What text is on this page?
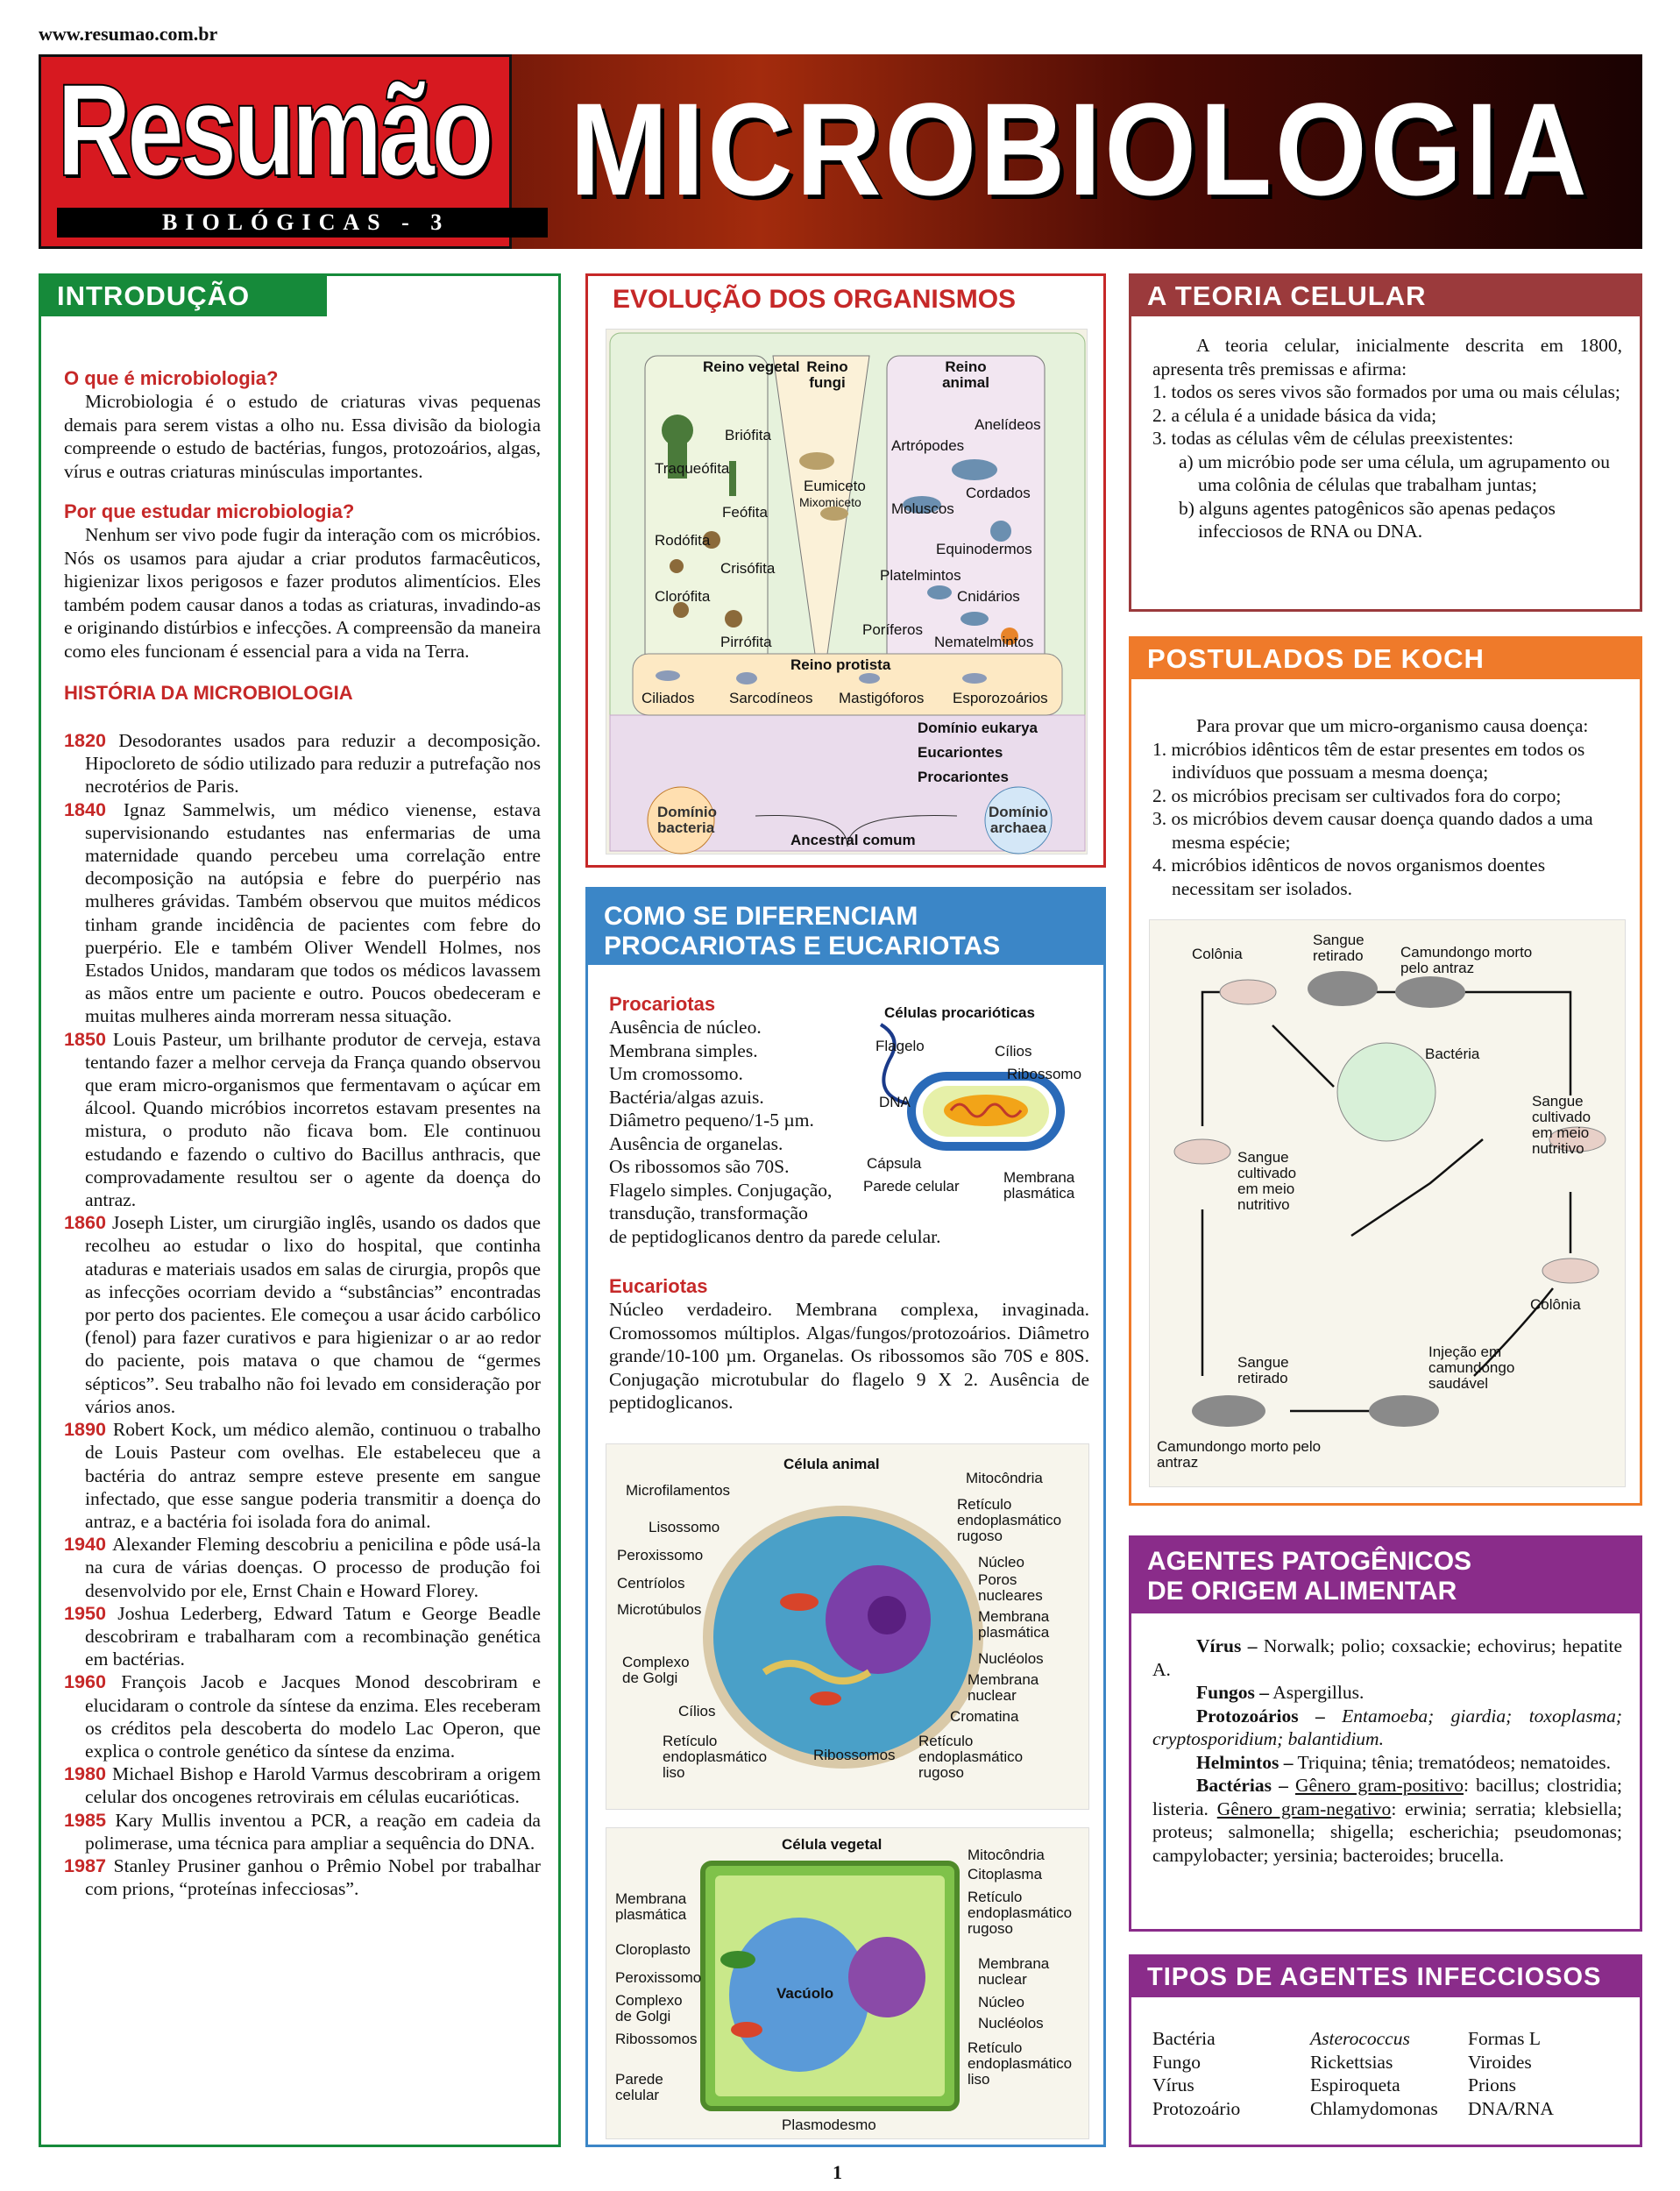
www.resumao.com.br
Resumão
BIOLÓGICAS - 3 MICROBIOLOGIA
INTRODUÇÃO
O que é microbiologia?

Microbiologia é o estudo de criaturas vivas pequenas demais para serem vistas a olho nu. Essa divisão da biologia compreende o estudo de bactérias, fungos, protozoários, algas, vírus e outras criaturas minúsculas importantes.

Por que estudar microbiologia?

Nenhum ser vivo pode fugir da interação com os micróbios. Nós os usamos para ajudar a criar produtos farmacêuticos, higienizar lixos perigosos e fazer produtos alimentícios. Eles também podem causar danos a todas as criaturas, invadindo-as e originando distúrbios e infecções. A compreensão da maneira como eles funcionam é essencial para a vida na Terra.

HISTÓRIA DA MICROBIOLOGIA

1820 Desodorantes usados para reduzir a decomposição. Hipocloreto de sódio utilizado para reduzir a putrefação nos necrotérios de Paris.

1840 Ignaz Sammelwis, um médico vienense, estava supervisionando estudantes nas enfermarias de uma maternidade quando percebeu uma correlação entre decomposição na autópsia e febre do puerpério nas mulheres grávidas. Também observou que muitos médicos tinham grande incidência de pacientes com febre do puerpério. Ele e também Oliver Wendell Holmes, nos Estados Unidos, mandaram que todos os médicos lavassem as mãos entre um paciente e outro. Poucos obedeceram e muitas mulheres ainda morreram nessa situação.

1850 Louis Pasteur, um brilhante produtor de cerveja, estava tentando fazer a melhor cerveja da França quando observou que eram micro-organismos que fermentavam o açúcar em álcool. Quando micróbios incorretos estavam presentes na mistura, o produto não ficava bom. Ele continuou estudando e fazendo o cultivo do Bacillus anthracis, que comprovadamente resultou ser o agente da doença do antraz.

1860 Joseph Lister, um cirurgião inglês, usando os dados que recolheu ao estudar o lixo do hospital, que continha ataduras e materiais usados em salas de cirurgia, propôs que as infecções ocorriam devido a “substâncias” encontradas por perto dos pacientes. Ele começou a usar ácido carbólico (fenol) para fazer curativos e para higienizar o ar ao redor do paciente, pois matava o que chamou de “germes sépticos”. Seu trabalho não foi levado em consideração por vários anos.

1890 Robert Kock, um médico alemão, continuou o trabalho de Louis Pasteur com ovelhas. Ele estabeleceu que a bactéria do antraz sempre esteve presente em sangue infectado, que esse sangue poderia transmitir a doença do antraz, e a bactéria foi isolada fora do animal.

1940 Alexander Fleming descobriu a penicilina e pôde usá-la na cura de várias doenças. O processo de produção foi desenvolvido por ele, Ernst Chain e Howard Florey.

1950 Joshua Lederberg, Edward Tatum e George Beadle descobriram e trabalharam com a recombinação genética em bactérias.

1960 François Jacob e Jacques Monod descobriram e elucidaram o controle da síntese da enzima. Eles receberam os créditos pela descoberta do modelo Lac Operon, que explica o controle genético da síntese da enzima.

1980 Michael Bishop e Harold Varmus descobriram a origem celular dos oncogenes retrovirais em células eucarióticas.

1985 Kary Mullis inventou a PCR, a reação em cadeia da polimerase, uma técnica para ampliar a sequência do DNA.

1987 Stanley Prusiner ganhou o Prêmio Nobel por trabalhar com prions, “proteínas infecciosas”.

EVOLUÇÃO DOS ORGANISMOS
Reino vegetal Reino fungi
Reino animal
Briófita
Traqueófita
Feófita
Rodófita
Crisófita
Clorófita
Pirrófita
Eumiceto
Mixomiceto
Anelídeos
Artrópodes
Cordados
Moluscos
Equinodermos
Platelmintos
Cnidários
Poríferos
Nematelmintos
Reino protista
Ciliados Sarcodíneos Mastigóforos Esporozoários
Domínio eukarya
Eucariontes
Procariontes
Domínio bacteria
Domínio archaea
Ancestral comum
COMO SE DIFERENCIAM
PROCARIOTAS E EUCARIOTAS
Procariotas
Ausência de núcleo.
Membrana simples.
Um cromossomo.
Bactéria/algas azuis.
Diâmetro pequeno/1-5 µm.
Ausência de organelas.
Os ribossomos são 70S.
Flagelo simples. Conjugação,
transdução, transformação
de peptidoglicanos dentro da parede celular.
Células procarióticas
Flagelo	Cílios
Ribossomo
DNA
Cápsula
Parede celular
Membrana plasmática
Eucariotas

Núcleo verdadeiro. Membrana complexa, invaginada. Cromossomos múltiplos. Algas/fungos/protozoários. Diâmetro grande/10-100 µm. Organelas. Os ribossomos são 70S e 80S. Conjugação microtubular do flagelo 9 X 2. Ausência de peptidoglicanos.

Célula animal
Microfilamentos
Lisossomo
Peroxissomo
Centríolos
Microtúbulos
Complexo de Golgi
Cílios
Retículo endoplasmático liso
Ribossomos
Mitocôndria
Retículo endoplasmático rugoso
Núcleo
Poros nucleares
Membrana plasmática
Nucléolos
Membrana nuclear
Cromatina
Retículo endoplasmático rugoso
Célula vegetal
Membrana plasmática
Cloroplasto
Peroxissomo
Complexo de Golgi
Ribossomos
Parede celular
Plasmodesmo
Vacúolo
Mitocôndria
Citoplasma
Retículo endoplasmático rugoso
Membrana nuclear
Núcleo
Nucléolos
Retículo endoplasmático liso
A TEORIA CELULAR

A teoria celular, inicialmente descrita em 1800, apresenta três premissas e afirma:

1. todos os seres vivos são formados por uma ou mais células;
2. a célula é a unidade básica da vida;
3. todas as células vêm de células preexistentes:
a) um micróbio pode ser uma célula, um agrupamento ou uma colônia de células que trabalham juntas;
b) alguns agentes patogênicos são apenas pedaços infecciosos de RNA ou DNA.
POSTULADOS DE KOCH

Para provar que um micro-organismo causa doença:

1. micróbios idênticos têm de estar presentes em todos os indivíduos que possuam a mesma doença;
2. os micróbios precisam ser cultivados fora do corpo;
3. os micróbios devem causar doença quando dados a uma mesma espécie;
4. micróbios idênticos de novos organismos doentes necessitam ser isolados.
Colônia
Sangue retirado	Camundongo morto pelo antraz
Bactéria
Sangue cultivado em meio nutritivo
Sangue cultivado em meio nutritivo
Colônia
Injeção em camundongo saudável
Sangue retirado
Camundongo morto pelo antraz
AGENTES PATOGÊNICOS
DE ORIGEM ALIMENTAR

Vírus – Norwalk; polio; coxsackie; echovirus; hepatite A.

Fungos – Aspergillus.

Protozoários – Entamoeba; giardia; toxoplasma; cryptosporidium; balantidium.

Helmintos – Triquina; tênia; trematódeos; nematoides.

Bactérias – Gênero gram-positivo: bacillus; clostridia; listeria. Gênero gram-negativo: erwinia; serratia; klebsiella; proteus; salmonella; shigella; escherichia; pseudomonas; campylobacter; yersinia; bacteroides; brucella.

TIPOS DE AGENTES INFECCIOSOS
Bactéria
Fungo
Vírus
Protozoário
Asterococcus
Rickettsias
Espiroqueta
Chlamydomonas
Formas L
Viroides
Prions
DNA/RNA
1
